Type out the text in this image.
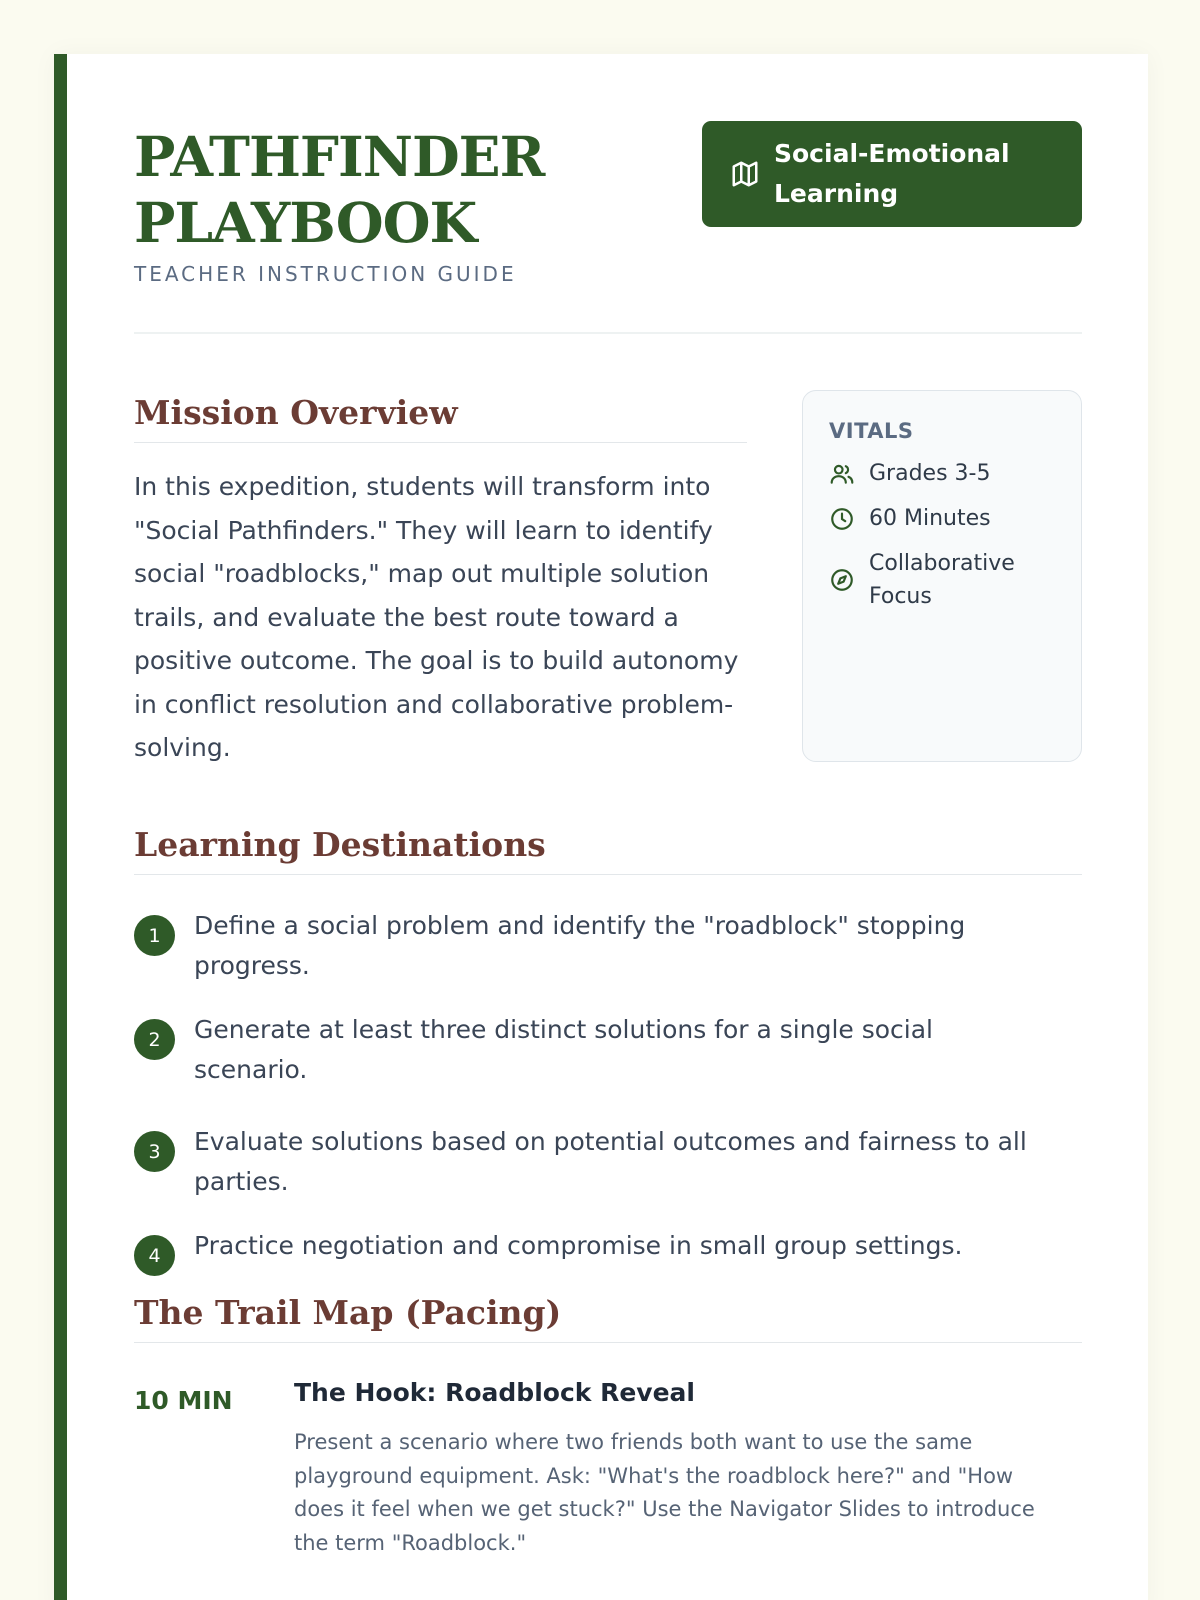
PATHFINDER PLAYBOOK
TEACHER INSTRUCTION GUIDE
Social-Emotional Learning
Mission Overview

In this expedition, students will transform into "Social Pathfinders." They will learn to identify social "roadblocks," map out multiple solution trails, and evaluate the best route toward a positive outcome. The goal is to build autonomy in conflict resolution and collaborative problem-solving.

VITALS
Grades 3-5
60 Minutes
Collaborative Focus
Learning Destinations
1	Define a social problem and identify the "roadblock" stopping progress.
2	Generate at least three distinct solutions for a single social scenario.
3	Evaluate solutions based on potential outcomes and fairness to all parties.
4	Practice negotiation and compromise in small group settings.
The Trail Map (Pacing)
10 MIN The Hook: Roadblock Reveal

Present a scenario where two friends both want to use the same playground equipment. Ask: "What's the roadblock here?" and "How does it feel when we get stuck?" Use the Navigator Slides to introduce the term "Roadblock."
